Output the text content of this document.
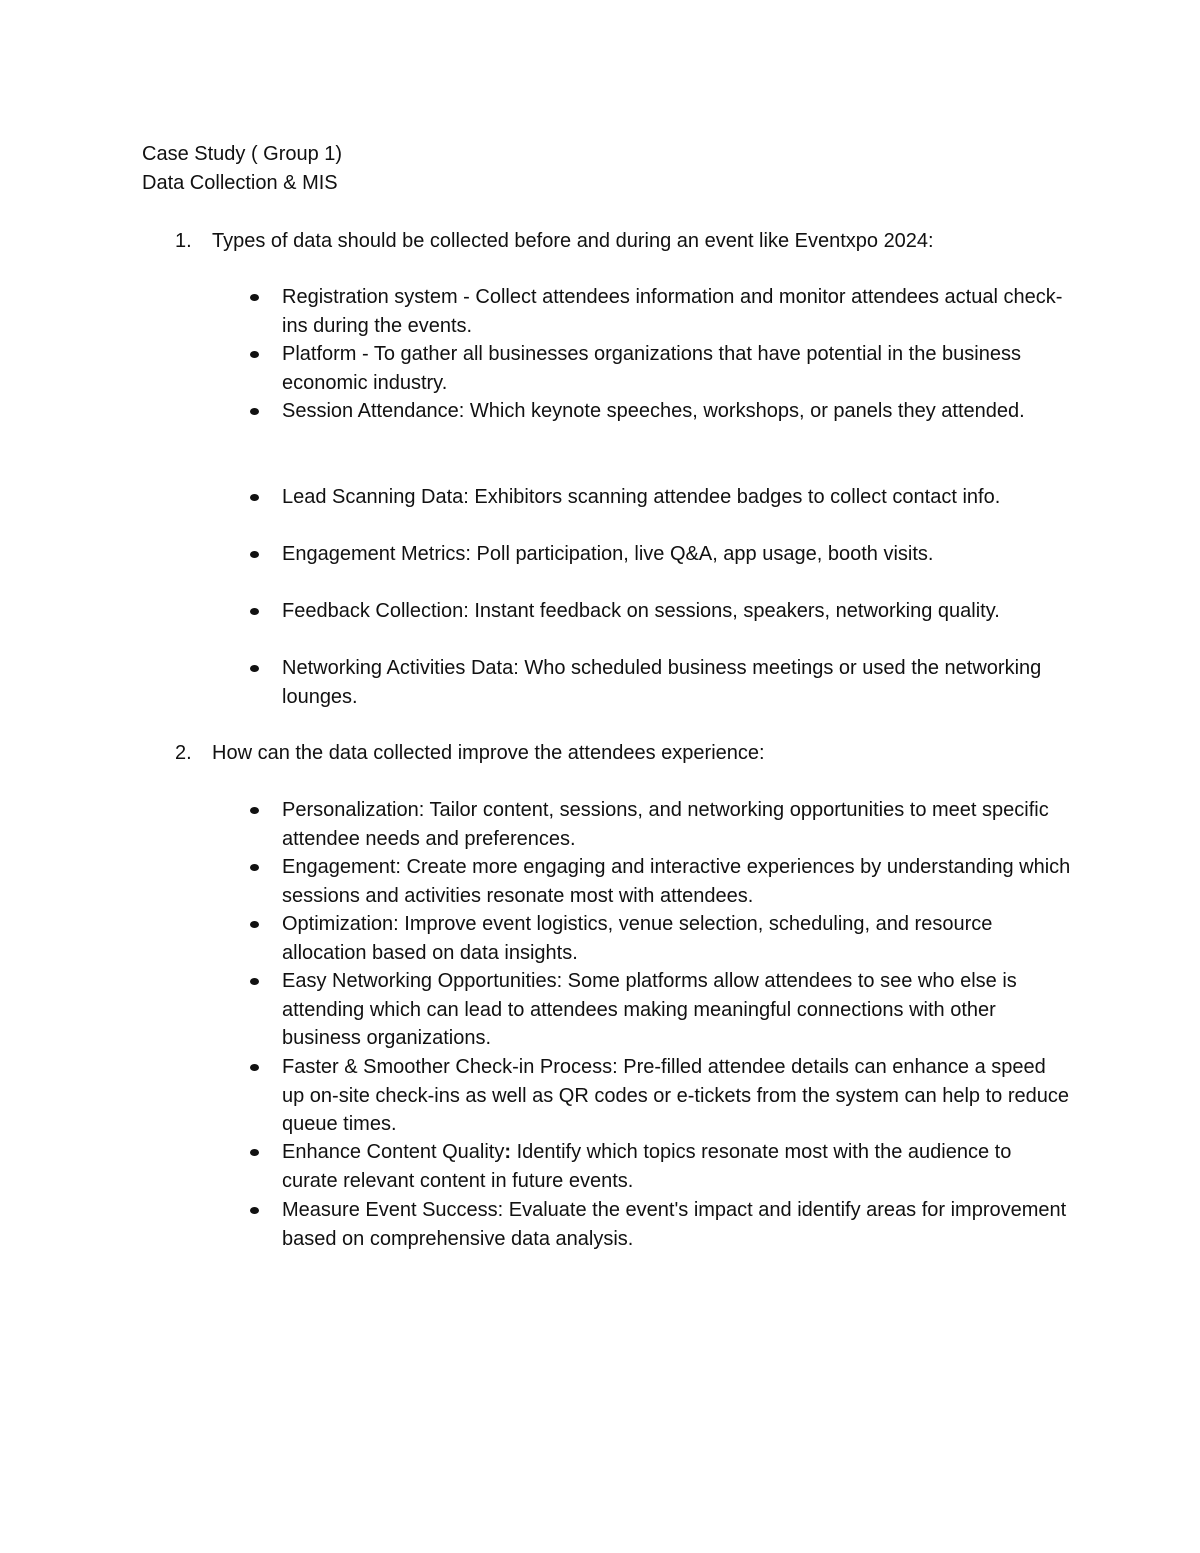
Case Study ( Group 1)
Data Collection & MIS
1. Types of data should be collected before and during an event like Eventxpo 2024:
Registration system - Collect attendees information and monitor attendees actual check-ins during the events.
Platform - To gather all businesses organizations that have potential in the business economic industry.
Session Attendance: Which keynote speeches, workshops, or panels they attended.
Lead Scanning Data: Exhibitors scanning attendee badges to collect contact info.
Engagement Metrics: Poll participation, live Q&A, app usage, booth visits.
Feedback Collection: Instant feedback on sessions, speakers, networking quality.
Networking Activities Data: Who scheduled business meetings or used the networking lounges.
2. How can the data collected improve the attendees experience:
Personalization: Tailor content, sessions, and networking opportunities to meet specific attendee needs and preferences.
Engagement: Create more engaging and interactive experiences by understanding which sessions and activities resonate most with attendees.
Optimization: Improve event logistics, venue selection, scheduling, and resource allocation based on data insights.
Easy Networking Opportunities: Some platforms allow attendees to see who else is attending which can lead to attendees making meaningful connections with other business organizations.
Faster & Smoother Check-in Process: Pre-filled attendee details can enhance a speed up on-site check-ins as well as QR codes or e-tickets from the system can help to reduce queue times.
Enhance Content Quality: Identify which topics resonate most with the audience to curate relevant content in future events.
Measure Event Success: Evaluate the event's impact and identify areas for improvement based on comprehensive data analysis.
